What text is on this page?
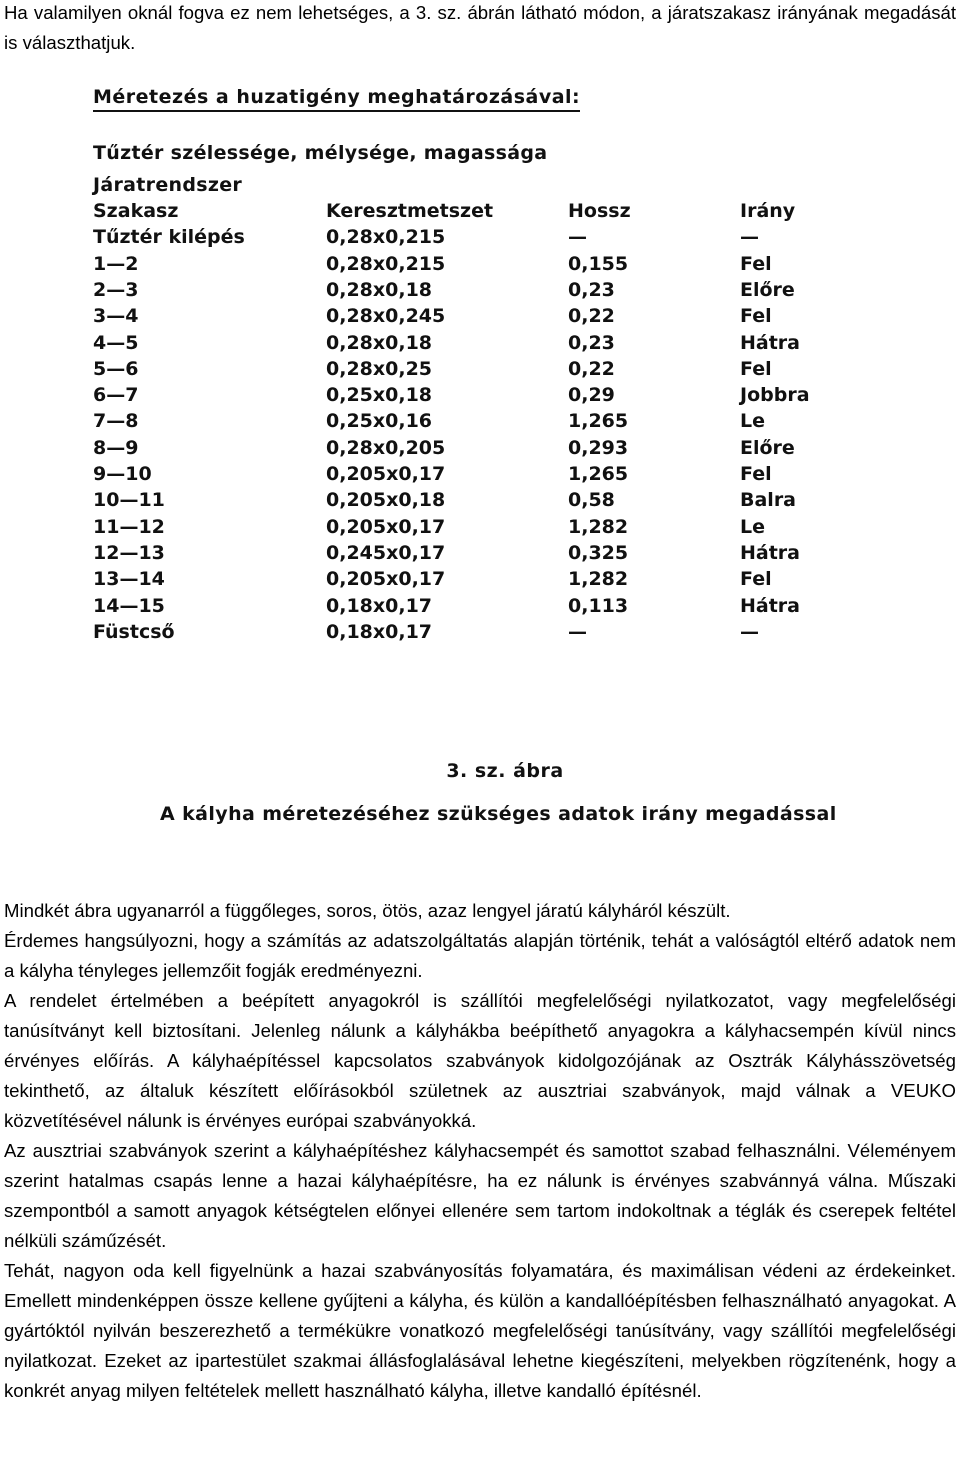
Ha valamilyen oknál fogva ez nem lehetséges, a 3. sz. ábrán látható módon, a járatszakasz irányának megadását is választhatjuk.

Méretezés a huzatigény meghatározásával:
Tűztér szélessége, mélysége, magassága
Járatrendszer
Szakasz	Keresztmetszet	Hossz	Irány
Tűztér kilépés	0,28x0,215	—	—
1—2	0,28x0,215	0,155	Fel
2—3	0,28x0,18	0,23	Előre
3—4	0,28x0,245	0,22	Fel
4—5	0,28x0,18	0,23	Hátra
5—6	0,28x0,25	0,22	Fel
6—7	0,25x0,18	0,29	Jobbra
7—8	0,25x0,16	1,265	Le
8—9	0,28x0,205	0,293	Előre
9—10	0,205x0,17	1,265	Fel
10—11	0,205x0,18	0,58	Balra
11—12	0,205x0,17	1,282	Le
12—13	0,245x0,17	0,325	Hátra
13—14	0,205x0,17	1,282	Fel
14—15	0,18x0,17	0,113	Hátra
Füstcső	0,18x0,17	—	—
3. sz. ábra
A kályha méretezéséhez szükséges adatok irány megadással

Mindkét ábra ugyanarról a függőleges, soros, ötös, azaz lengyel járatú kályháról készült.

Érdemes hangsúlyozni, hogy a számítás az adatszolgáltatás alapján történik, tehát a valóságtól eltérő adatok nem a kályha tényleges jellemzőit fogják eredményezni.

A rendelet értelmében a beépített anyagokról is szállítói megfelelőségi nyilatkozatot, vagy megfelelőségi tanúsítványt kell biztosítani. Jelenleg nálunk a kályhákba beépíthető anyagokra a kályhacsempén kívül nincs érvényes előírás. A kályhaépítéssel kapcsolatos szabványok kidolgozójának az Osztrák Kályhásszövetség tekinthető, az általuk készített előírásokból születnek az ausztriai szabványok, majd válnak a VEUKO közvetítésével nálunk is érvényes európai szabványokká.

Az ausztriai szabványok szerint a kályhaépítéshez kályhacsempét és samottot szabad felhasználni. Véleményem szerint hatalmas csapás lenne a hazai kályhaépítésre, ha ez nálunk is érvényes szabvánnyá válna. Műszaki szempontból a samott anyagok kétségtelen előnyei ellenére sem tartom indokoltnak a téglák és cserepek feltétel nélküli száműzését.

Tehát, nagyon oda kell figyelnünk a hazai szabványosítás folyamatára, és maximálisan védeni az érdekeinket. Emellett mindenképpen össze kellene gyűjteni a kályha, és külön a kandallóépítésben felhasználható anyagokat. A gyártóktól nyilván beszerezhető a termékükre vonatkozó megfelelőségi tanúsítvány, vagy szállítói megfelelőségi nyilatkozat. Ezeket az ipartestület szakmai állásfoglalásával lehetne kiegészíteni, melyekben rögzítenénk, hogy a konkrét anyag milyen feltételek mellett használható kályha, illetve kandalló építésnél.
